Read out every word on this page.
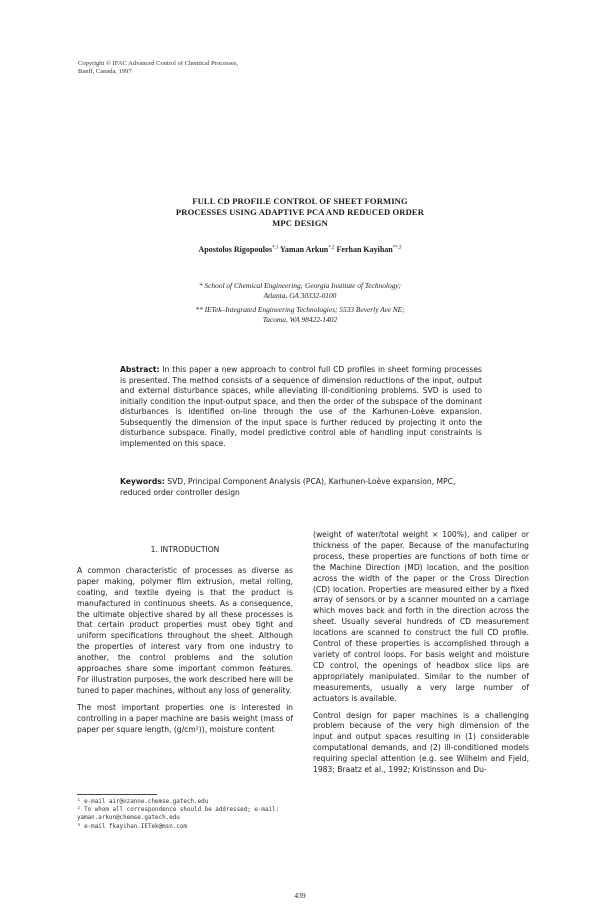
Copyright © IFAC Advanced Control of Chemical Processes,
Banff, Canada, 1997
FULL CD PROFILE CONTROL OF SHEET FORMING
PROCESSES USING ADAPTIVE PCA AND REDUCED ORDER
MPC DESIGN
Apostolos Rigopoulos$^{*,1}$ Yaman Arkun$^{*,2}$ Ferhan Kayihan$^{**,3}$
* School of Chemical Engineering; Georgia Institute of Technology;
Atlanta, GA 30332-0100
** IETek–Integrated Engineering Technologies; 5533 Beverly Ave NE;
Tacoma, WA 98422-1402
Abstract: In this paper a new approach to control full CD profiles in sheet forming processes is presented. The method consists of a sequence of dimension reductions of the input, output and external disturbance spaces, while alleviating ill-conditioning problems. SVD is used to initially condition the input-output space, and then the order of the subspace of the dominant disturbances is identified on-line through the use of the Karhunen-Loève expansion. Subsequently the dimension of the input space is further reduced by projecting it onto the disturbance subspace. Finally, model predictive control able of handling input constraints is implemented on this space.
Keywords: SVD, Principal Component Analysis (PCA), Karhunen-Loève expansion, MPC, reduced order controller design
1. INTRODUCTION

A common characteristic of processes as diverse as paper making, polymer film extrusion, metal rolling, coating, and textile dyeing is that the product is manufactured in continuous sheets. As a consequence, the ultimate objective shared by all these processes is that certain product properties must obey tight and uniform specifications throughout the sheet. Although the properties of interest vary from one industry to another, the control problems and the solution approaches share some important common features. For illustration purposes, the work described here will be tuned to paper machines, without any loss of generality.

The most important properties one is interested in controlling in a paper machine are basis weight (mass of paper per square length, (g/cm²)), moisture content

(weight of water/total weight × 100%), and caliper or thickness of the paper. Because of the manufacturing process, these properties are functions of both time or the Machine Direction (MD) location, and the position across the width of the paper or the Cross Direction (CD) location. Properties are measured either by a fixed array of sensors or by a scanner mounted on a carriage which moves back and forth in the direction across the sheet. Usually several hundreds of CD measurement locations are scanned to construct the full CD profile. Control of these properties is accomplished through a variety of control loops. For basis weight and moisture CD control, the openings of headbox slice lips are appropriately manipulated. Similar to the number of measurements, usually a very large number of actuators is available.

Control design for paper machines is a challenging problem because of the very high dimension of the input and output spaces resulting in (1) considerable computational demands, and (2) ill-conditioned models requiring special attention (e.g. see Wilhelm and Fjeld, 1983; Braatz et al., 1992; Kristinsson and Du-

¹ e-mail air@ozanne.chemse.gatech.edu
² To whom all correspondence should be addressed; e-mail: yaman.arkun@chemse.gatech.edu
³ e-mail fkayihan.IETek@msn.com
439
